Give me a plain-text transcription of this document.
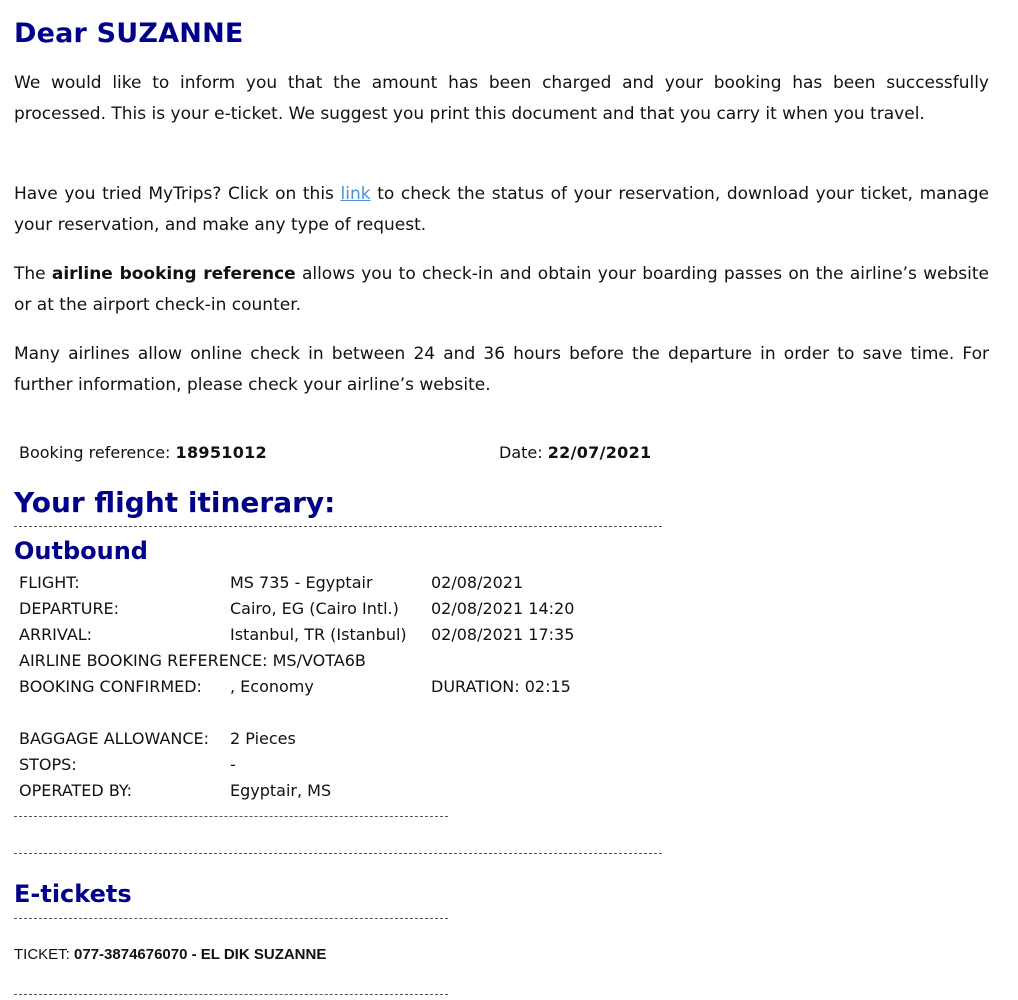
Dear SUZANNE

We would like to inform you that the amount has been charged and your booking has been successfully processed. This is your e-ticket. We suggest you print this document and that you carry it when you travel.

Have you tried MyTrips? Click on this link to check the status of your reservation, download your ticket, manage your reservation, and make any type of request.

The airline booking reference allows you to check-in and obtain your boarding passes on the airline’s website or at the airport check-in counter.

Many airlines allow online check in between 24 and 36 hours before the departure in order to save time. For further information, please check your airline’s website.

Booking reference: 18951012	Date: 22/07/2021
Your flight itinerary:
Outbound
FLIGHT:	MS 735 - Egyptair	02/08/2021
DEPARTURE:	Cairo, EG (Cairo Intl.) 02/08/2021 14:20
ARRIVAL:	Istanbul, TR (Istanbul) 02/08/2021 17:35
AIRLINE BOOKING REFERENCE: MS/VOTA6B
BOOKING CONFIRMED: , Economy	DURATION: 02:15
BAGGAGE ALLOWANCE: 2 Pieces
STOPS:	-
OPERATED BY:	Egyptair, MS
E-tickets
TICKET: 077-3874676070 - EL DIK SUZANNE
